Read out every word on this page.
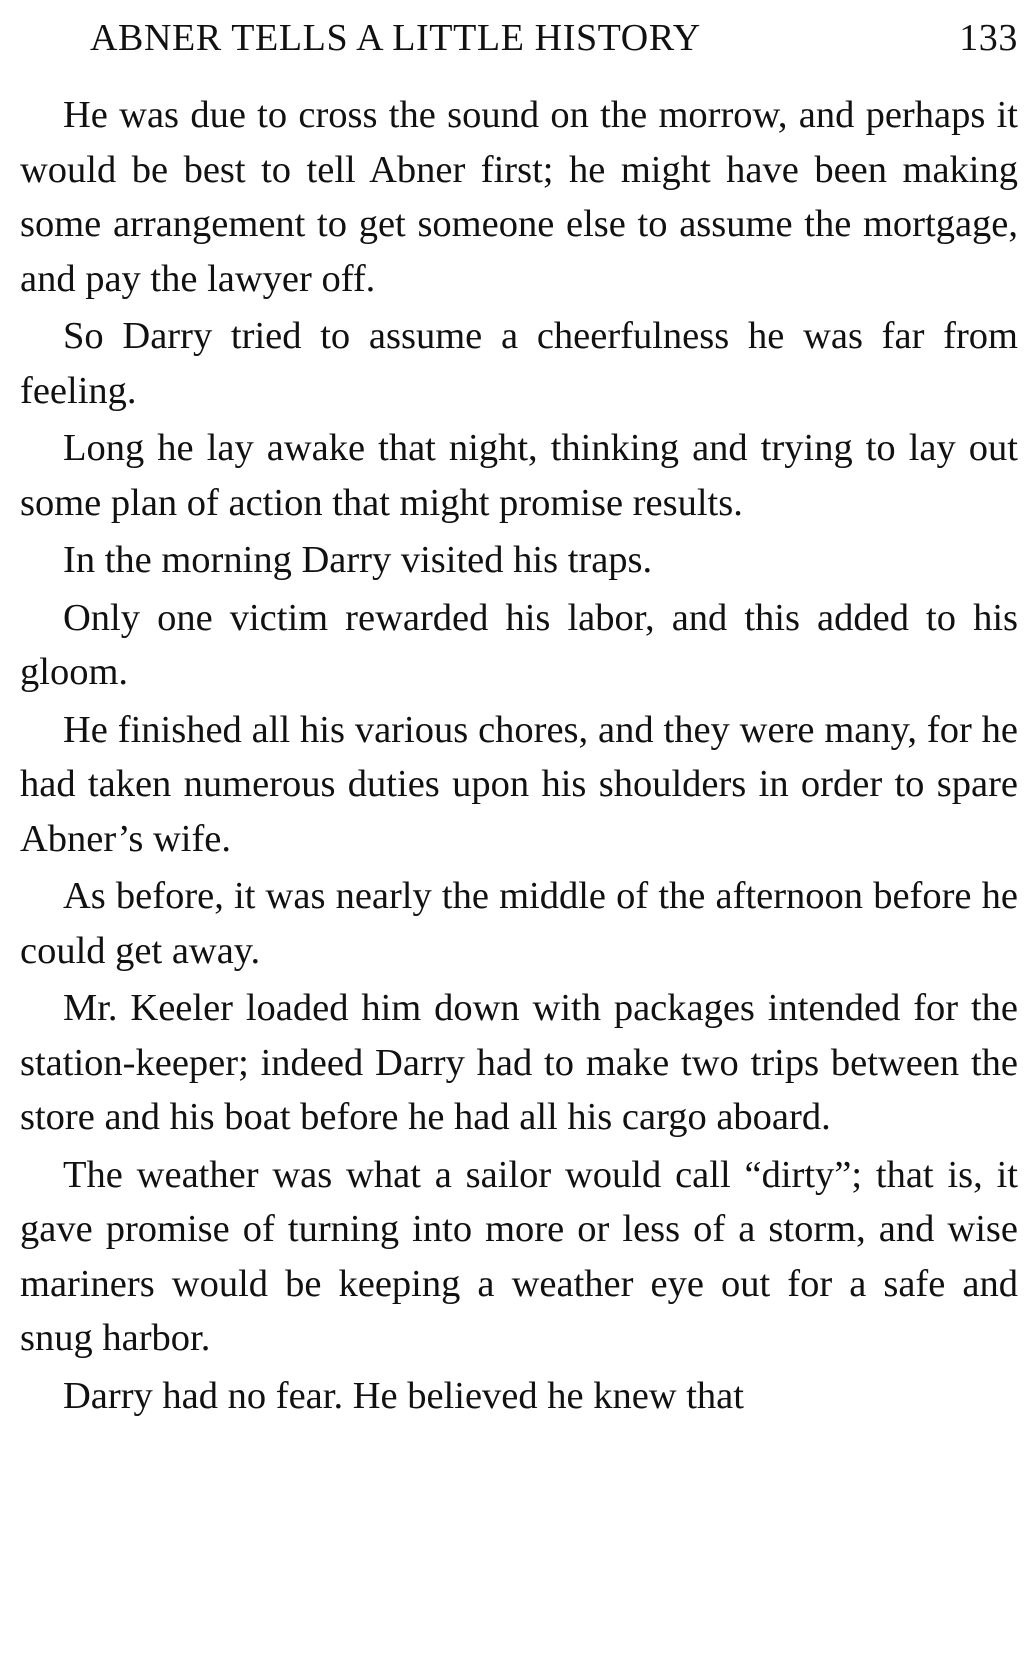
ABNER TELLS A LITTLE HISTORY	133

He was due to cross the sound on the morrow, and perhaps it would be best to tell Abner first; he might have been making some arrangement to get someone else to assume the mortgage, and pay the lawyer off.

So Darry tried to assume a cheerfulness he was far from feeling.

Long he lay awake that night, thinking and trying to lay out some plan of action that might promise results.

In the morning Darry visited his traps.

Only one victim rewarded his labor, and this added to his gloom.

He finished all his various chores, and they were many, for he had taken numerous duties upon his shoulders in order to spare Abner’s wife.

As before, it was nearly the middle of the afternoon before he could get away.

Mr. Keeler loaded him down with packages intended for the station-keeper; indeed Darry had to make two trips between the store and his boat before he had all his cargo aboard.

The weather was what a sailor would call “dirty”; that is, it gave promise of turning into more or less of a storm, and wise mariners would be keeping a weather eye out for a safe and snug harbor.

Darry had no fear. He believed he knew that
